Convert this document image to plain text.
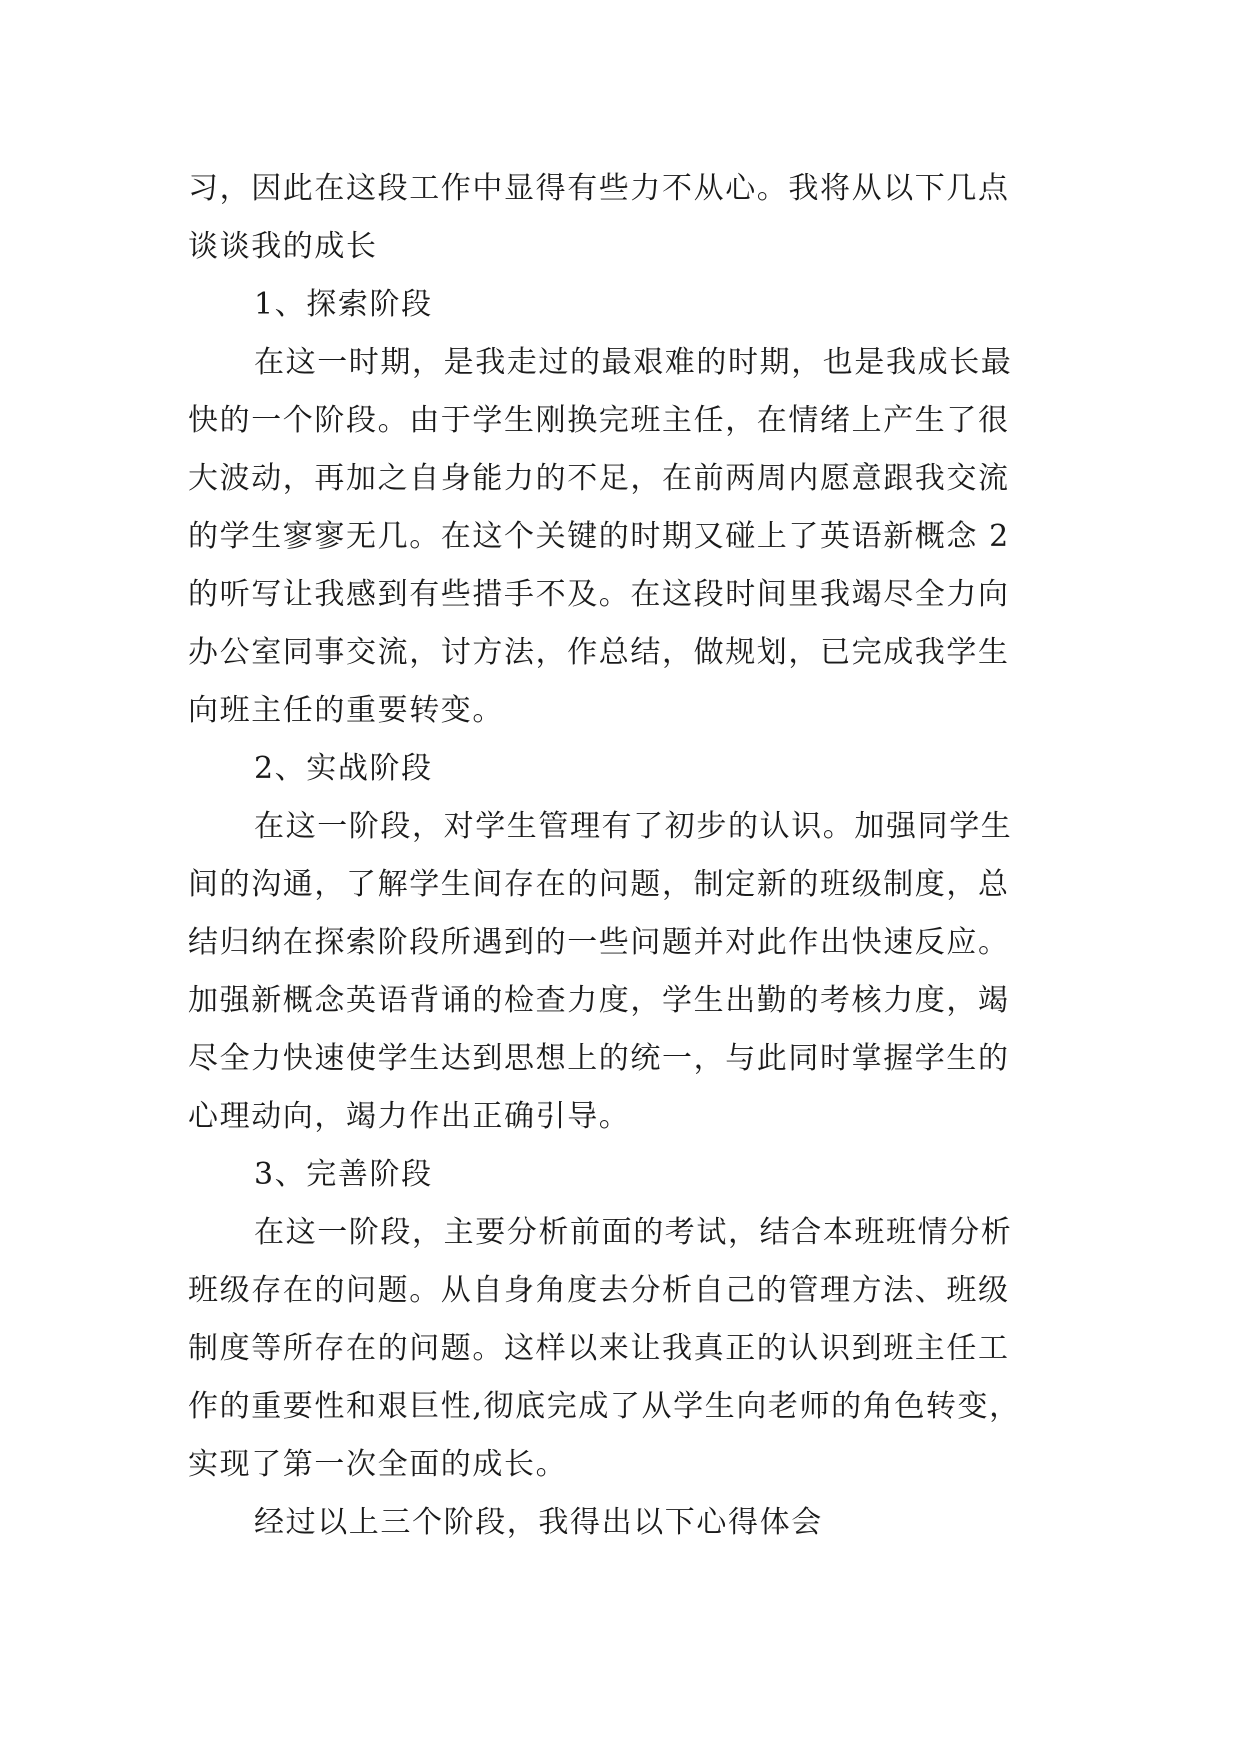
习，因此在这段工作中显得有些力不从心。我将从以下几点
谈谈我的成长
1、探索阶段
在这一时期，是我走过的最艰难的时期，也是我成长最
快的一个阶段。由于学生刚换完班主任，在情绪上产生了很
大波动，再加之自身能力的不足，在前两周内愿意跟我交流
的学生寥寥无几。在这个关键的时期又碰上了英语新概念 2
的听写让我感到有些措手不及。在这段时间里我竭尽全力向
办公室同事交流，讨方法，作总结，做规划，已完成我学生
向班主任的重要转变。
2、实战阶段
在这一阶段，对学生管理有了初步的认识。加强同学生
间的沟通，了解学生间存在的问题，制定新的班级制度，总
结归纳在探索阶段所遇到的一些问题并对此作出快速反应。
加强新概念英语背诵的检查力度，学生出勤的考核力度，竭
尽全力快速使学生达到思想上的统一，与此同时掌握学生的
心理动向，竭力作出正确引导。
3、完善阶段
在这一阶段，主要分析前面的考试，结合本班班情分析
班级存在的问题。从自身角度去分析自己的管理方法、班级
制度等所存在的问题。这样以来让我真正的认识到班主任工
作的重要性和艰巨性,彻底完成了从学生向老师的角色转变，
实现了第一次全面的成长。
经过以上三个阶段，我得出以下心得体会
